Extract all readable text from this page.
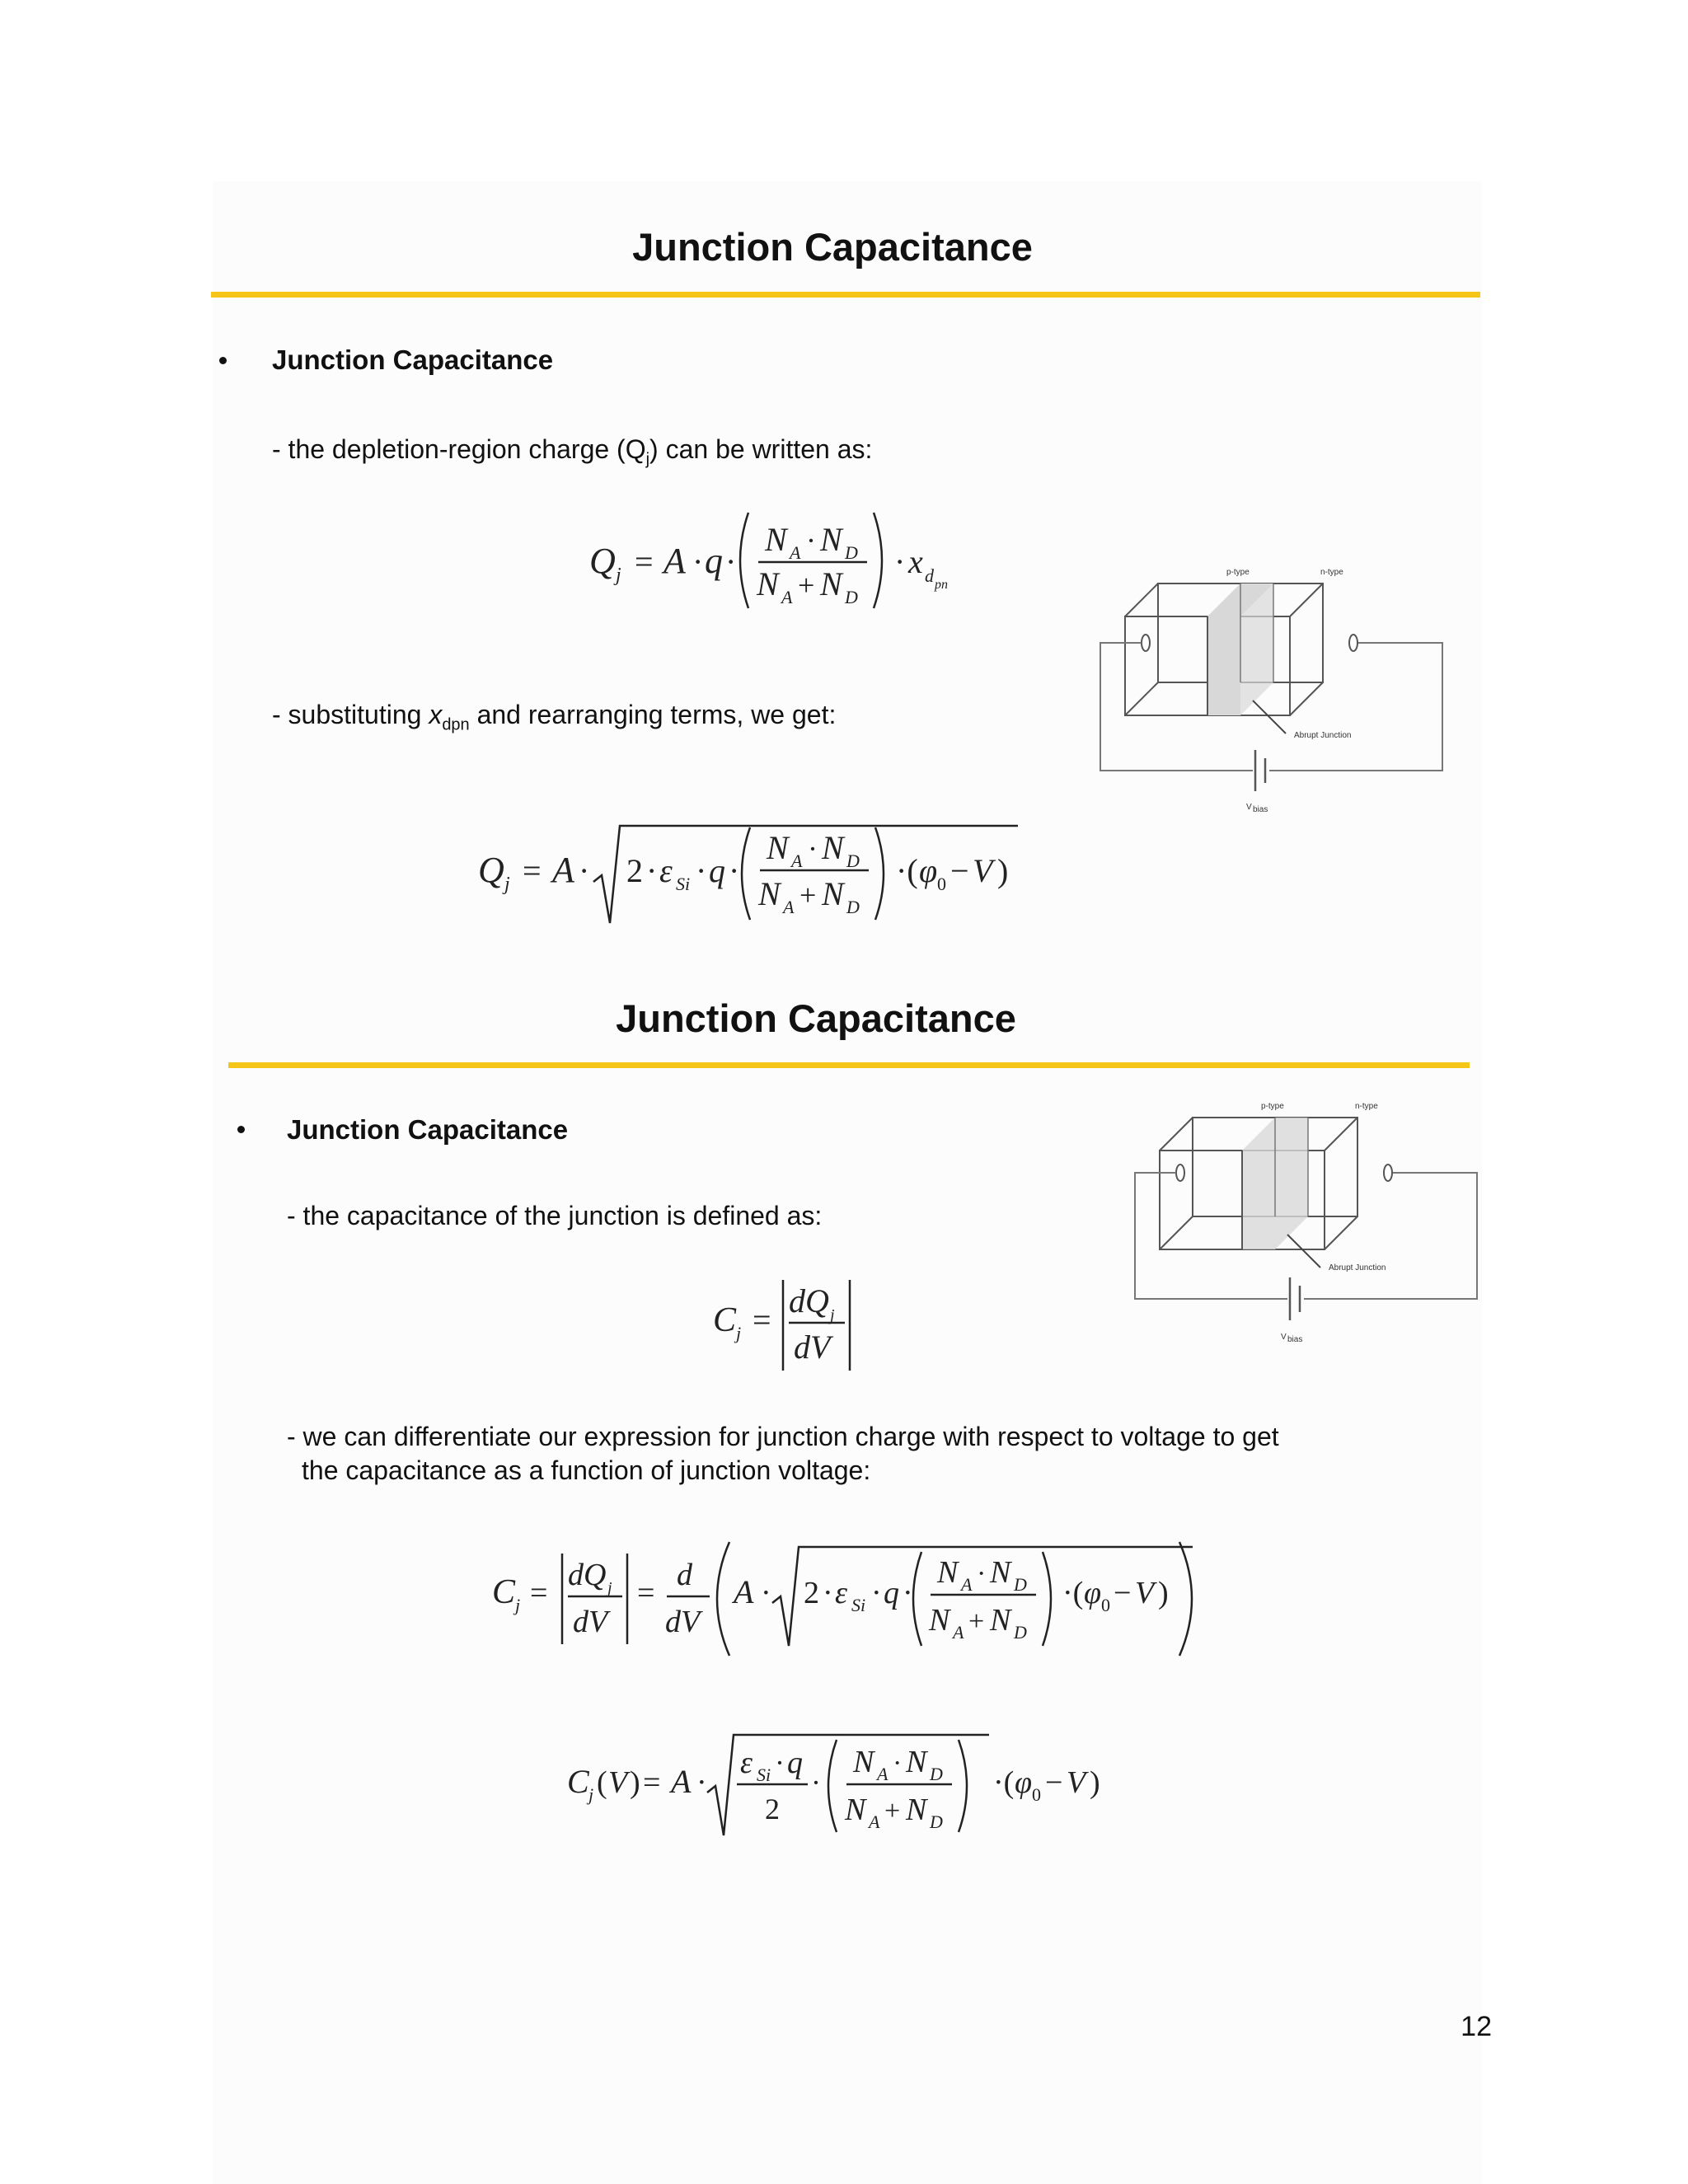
Junction Capacitance
Junction Capacitance
- the depletion-region charge $(Q_j)$ can be written as:
Q j = A · q ·
N A · N D
N A + N D
· x d pn
- substituting $x_{dpn}$ and rearranging terms, we get:
Q j = A · 2 · ε Si · q ·
N A · N D
N A + N D
·( φ 0 − V )
p-type	n-type
Abrupt Junction
V bias
Junction Capacitance
Junction Capacitance
- the capacitance of the junction is defined as:
C j =
dQ j
dV
p-type	n-type
Abrupt Junction
V bias
- we can differentiate our expression for junction charge with respect to voltage to get
the capacitance as a function of junction voltage:
C j =
dQ j
dV
=
d
dV
A · 2 · ε Si · q ·
N A · N D
N A + N D
·( φ 0 − V )
C j ( V ) = A ·
ε Si · q
2
·
N A · N D
N A + N D
·( φ 0 − V )
12
